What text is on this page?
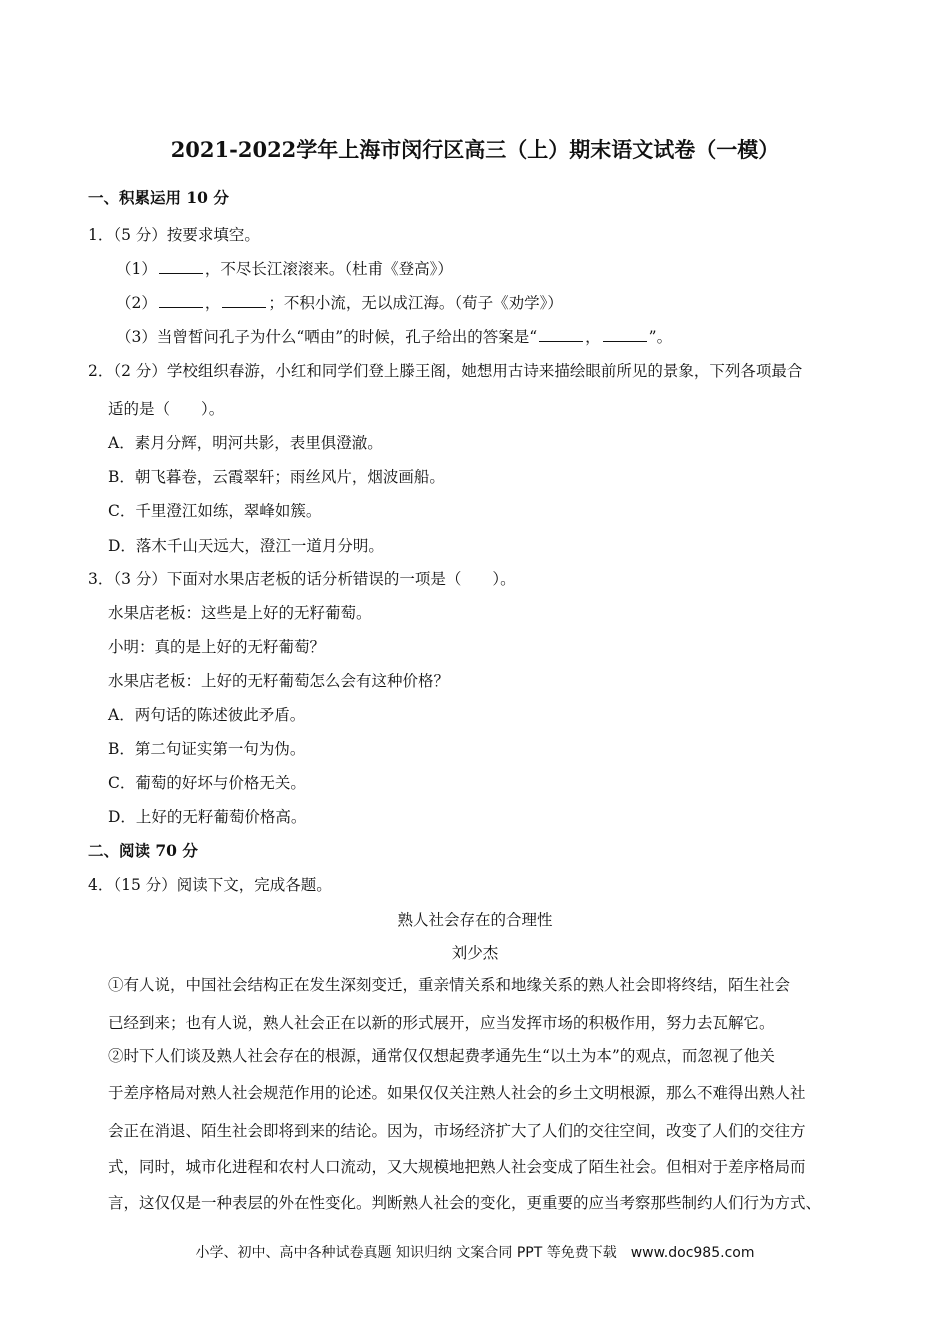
2021-2022学年上海市闵行区高三（上）期末语文试卷（一模）
一、积累运用 10 分
1．（5 分）按要求填空。
（1）	，不尽长江滚滚来。（杜甫《登高》）
（2）	，	；不积小流，无以成江海。（荀子《劝学》）
（3）当曾皙问孔子为什么“哂由”的时候，孔子给出的答案是“	，	”。
2．（2 分）学校组织春游，小红和同学们登上滕王阁，她想用古诗来描绘眼前所见的景象，下列各项最合
适的是（　　）。
A．素月分辉，明河共影，表里俱澄澈。
B．朝飞暮卷，云霞翠轩；雨丝风片，烟波画船。
C．千里澄江如练，翠峰如簇。
D．落木千山天远大，澄江一道月分明。
3．（3 分）下面对水果店老板的话分析错误的一项是（　　）。
水果店老板：这些是上好的无籽葡萄。
小明：真的是上好的无籽葡萄？
水果店老板：上好的无籽葡萄怎么会有这种价格？
A．两句话的陈述彼此矛盾。
B．第二句证实第一句为伪。
C．葡萄的好坏与价格无关。
D．上好的无籽葡萄价格高。
二、阅读 70 分
4．（15 分）阅读下文，完成各题。
熟人社会存在的合理性
刘少杰
①有人说，中国社会结构正在发生深刻变迁，重亲情关系和地缘关系的熟人社会即将终结，陌生社会
已经到来；也有人说，熟人社会正在以新的形式展开，应当发挥市场的积极作用，努力去瓦解它。
②时下人们谈及熟人社会存在的根源，通常仅仅想起费孝通先生“以土为本”的观点，而忽视了他关
于差序格局对熟人社会规范作用的论述。如果仅仅关注熟人社会的乡土文明根源，那么不难得出熟人社
会正在消退、陌生社会即将到来的结论。因为，市场经济扩大了人们的交往空间，改变了人们的交往方
式，同时，城市化进程和农村人口流动，又大规模地把熟人社会变成了陌生社会。但相对于差序格局而
言，这仅仅是一种表层的外在性变化。判断熟人社会的变化，更重要的应当考察那些制约人们行为方式、
小学、初中、高中各种试卷真题 知识归纳 文案合同 PPT 等免费下载　www.doc985.com
